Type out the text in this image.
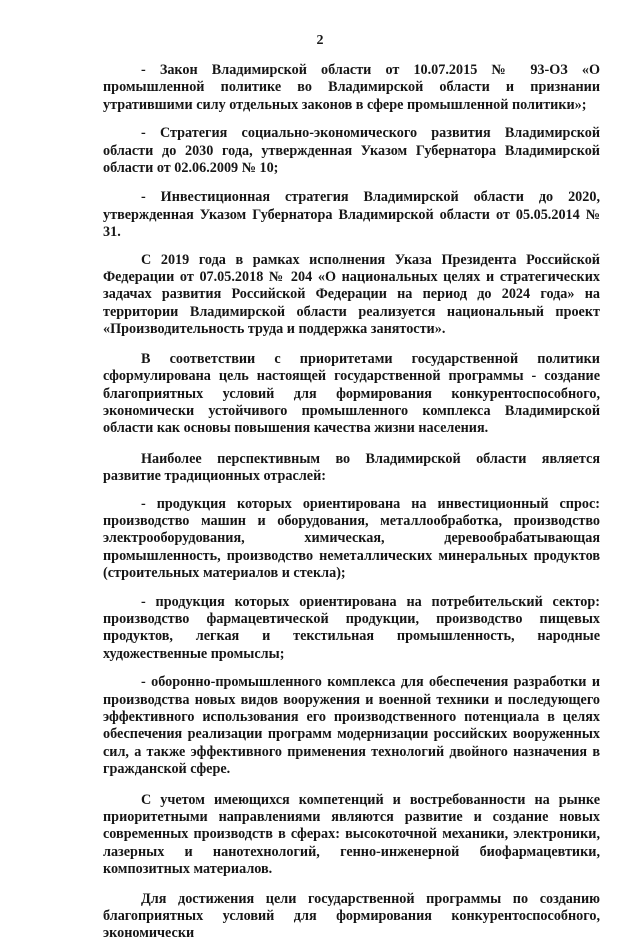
2

- Закон Владимирской области от 10.07.2015 № 93-ОЗ «О промышленной политике во Владимирской области и признании утратившими силу отдельных законов в сфере промышленной политики»;

- Стратегия социально-экономического развития Владимирской области до 2030 года, утвержденная Указом Губернатора Владимирской области от 02.06.2009 № 10;

- Инвестиционная стратегия Владимирской области до 2020, утвержденная Указом Губернатора Владимирской области от 05.05.2014 № 31.

С 2019 года в рамках исполнения Указа Президента Российской Федерации от 07.05.2018 № 204 «О национальных целях и стратегических задачах развития Российской Федерации на период до 2024 года» на территории Владимирской области реализуется национальный проект «Производительность труда и поддержка занятости».

В соответствии с приоритетами государственной политики сформулирована цель настоящей государственной программы - создание благоприятных условий для формирования конкурентоспособного, экономически устойчивого промышленного комплекса Владимирской области как основы повышения качества жизни населения.

Наиболее перспективным во Владимирской области является развитие традиционных отраслей:

- продукция которых ориентирована на инвестиционный спрос: производство машин и оборудования, металлообработка, производство электрооборудования, химическая, деревообрабатывающая промышленность, производство неметаллических минеральных продуктов (строительных материалов и стекла);

- продукция которых ориентирована на потребительский сектор: производство фармацевтической продукции, производство пищевых продуктов, легкая и текстильная промышленность, народные художественные промыслы;

- оборонно-промышленного комплекса для обеспечения разработки и производства новых видов вооружения и военной техники и последующего эффективного использования его производственного потенциала в целях обеспечения реализации программ модернизации российских вооруженных сил, а также эффективного применения технологий двойного назначения в гражданской сфере.

С учетом имеющихся компетенций и востребованности на рынке приоритетными направлениями являются развитие и создание новых современных производств в сферах: высокоточной механики, электроники, лазерных и нанотехнологий, генно-инженерной биофармацевтики, композитных материалов.

Для достижения цели государственной программы по созданию благоприятных условий для формирования конкурентоспособного, экономически
